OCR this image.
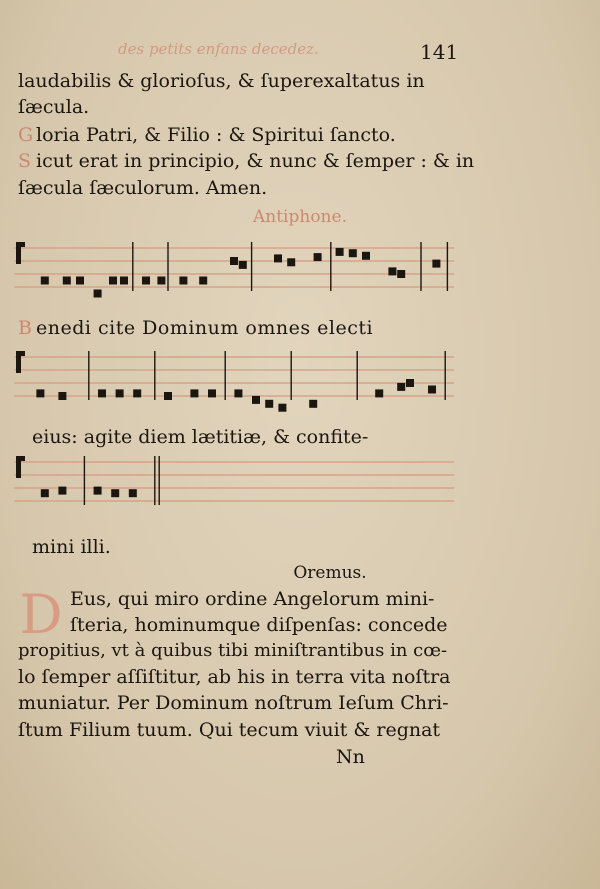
des petits enfans decedez.	141
laudabilis & glorioſus, & ſuperexaltatus in
ſæcula.
G loria Patri, & Filio : & Spiritui ſancto.
S icut erat in principio, & nunc & ſemper : & in
ſæcula ſæculorum. Amen.
Antiphone.
B enedi cite Dominum omnes electi
eius: agite diem lætitiæ, & confite-
mini illi.
Oremus.
D Eus, qui miro ordine Angelorum mini-
ſteria, hominumque diſpenſas: concede
propitius, vt à quibus tibi miniſtrantibus in cœ-
lo ſemper aſſiſtitur, ab his in terra vita noſtra
muniatur. Per Dominum noſtrum Ieſum Chri-
ſtum Filium tuum. Qui tecum viuit & regnat
Nn
